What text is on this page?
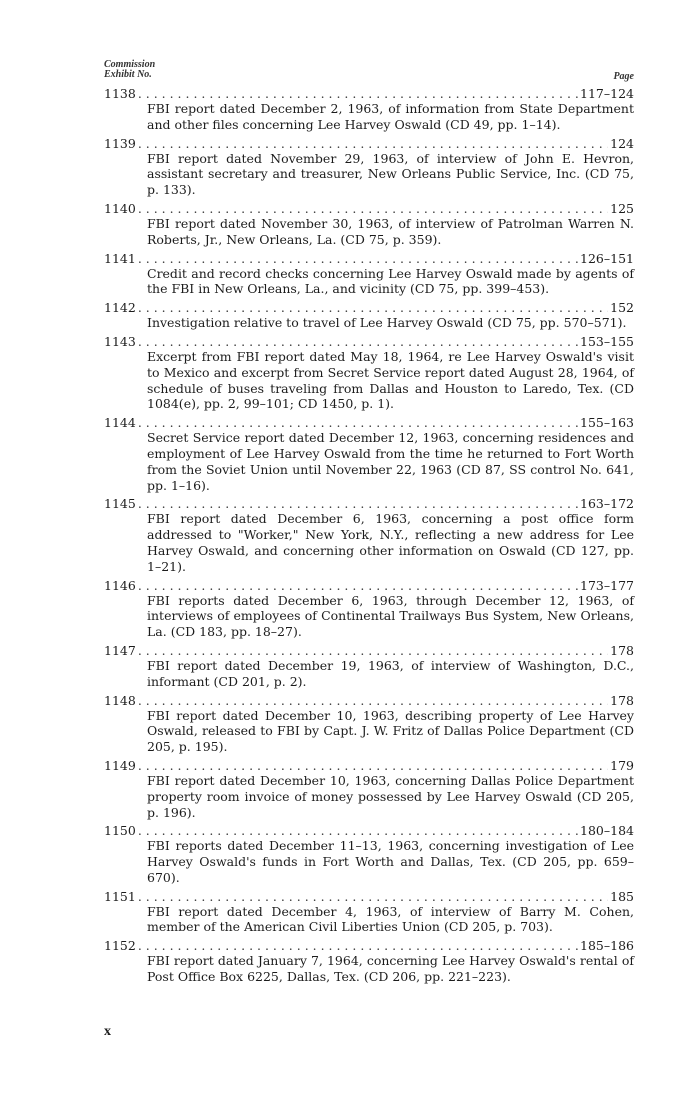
Commission
Exhibit No.	Page
1138 . . .	117–124
FBI report dated December 2, 1963, of information from State Department and other files concerning Lee Harvey Oswald (CD 49, pp. 1–14).
1139 . . .	124
FBI report dated November 29, 1963, of interview of John E. Hevron, assistant secretary and treasurer, New Orleans Public Service, Inc. (CD 75, p. 133).
1140 . . .	125
FBI report dated November 30, 1963, of interview of Patrolman Warren N. Roberts, Jr., New Orleans, La. (CD 75, p. 359).
1141 . . .	126–151
Credit and record checks concerning Lee Harvey Oswald made by agents of the FBI in New Orleans, La., and vicinity (CD 75, pp. 399–453).
1142 . . .	152
Investigation relative to travel of Lee Harvey Oswald (CD 75, pp. 570–571).
1143 . . .	153–155
Excerpt from FBI report dated May 18, 1964, re Lee Harvey Oswald's visit to Mexico and excerpt from Secret Service report dated August 28, 1964, of schedule of buses traveling from Dallas and Houston to Laredo, Tex. (CD 1084(e), pp. 2, 99–101; CD 1450, p. 1).
1144 . . .	155–163
Secret Service report dated December 12, 1963, concerning residences and employment of Lee Harvey Oswald from the time he returned to Fort Worth from the Soviet Union until November 22, 1963 (CD 87, SS control No. 641, pp. 1–16).
1145 . . .	163–172
FBI report dated December 6, 1963, concerning a post office form addressed to "Worker," New York, N.Y., reflecting a new address for Lee Harvey Oswald, and concerning other information on Oswald (CD 127, pp. 1–21).
1146 . . .	173–177
FBI reports dated December 6, 1963, through December 12, 1963, of interviews of employees of Continental Trailways Bus System, New Orleans, La. (CD 183, pp. 18–27).
1147 . . .	178
FBI report dated December 19, 1963, of interview of Washington, D.C., informant (CD 201, p. 2).
1148 . . .	178
FBI report dated December 10, 1963, describing property of Lee Harvey Oswald, released to FBI by Capt. J. W. Fritz of Dallas Police Department (CD 205, p. 195).
1149 . . .	179
FBI report dated December 10, 1963, concerning Dallas Police Department property room invoice of money possessed by Lee Harvey Oswald (CD 205, p. 196).
1150 . . .	180–184
FBI reports dated December 11–13, 1963, concerning investigation of Lee Harvey Oswald's funds in Fort Worth and Dallas, Tex. (CD 205, pp. 659–670).
1151 . . .	185
FBI report dated December 4, 1963, of interview of Barry M. Cohen, member of the American Civil Liberties Union (CD 205, p. 703).
1152 . . .	185–186
FBI report dated January 7, 1964, concerning Lee Harvey Oswald's rental of Post Office Box 6225, Dallas, Tex. (CD 206, pp. 221–223).
x
